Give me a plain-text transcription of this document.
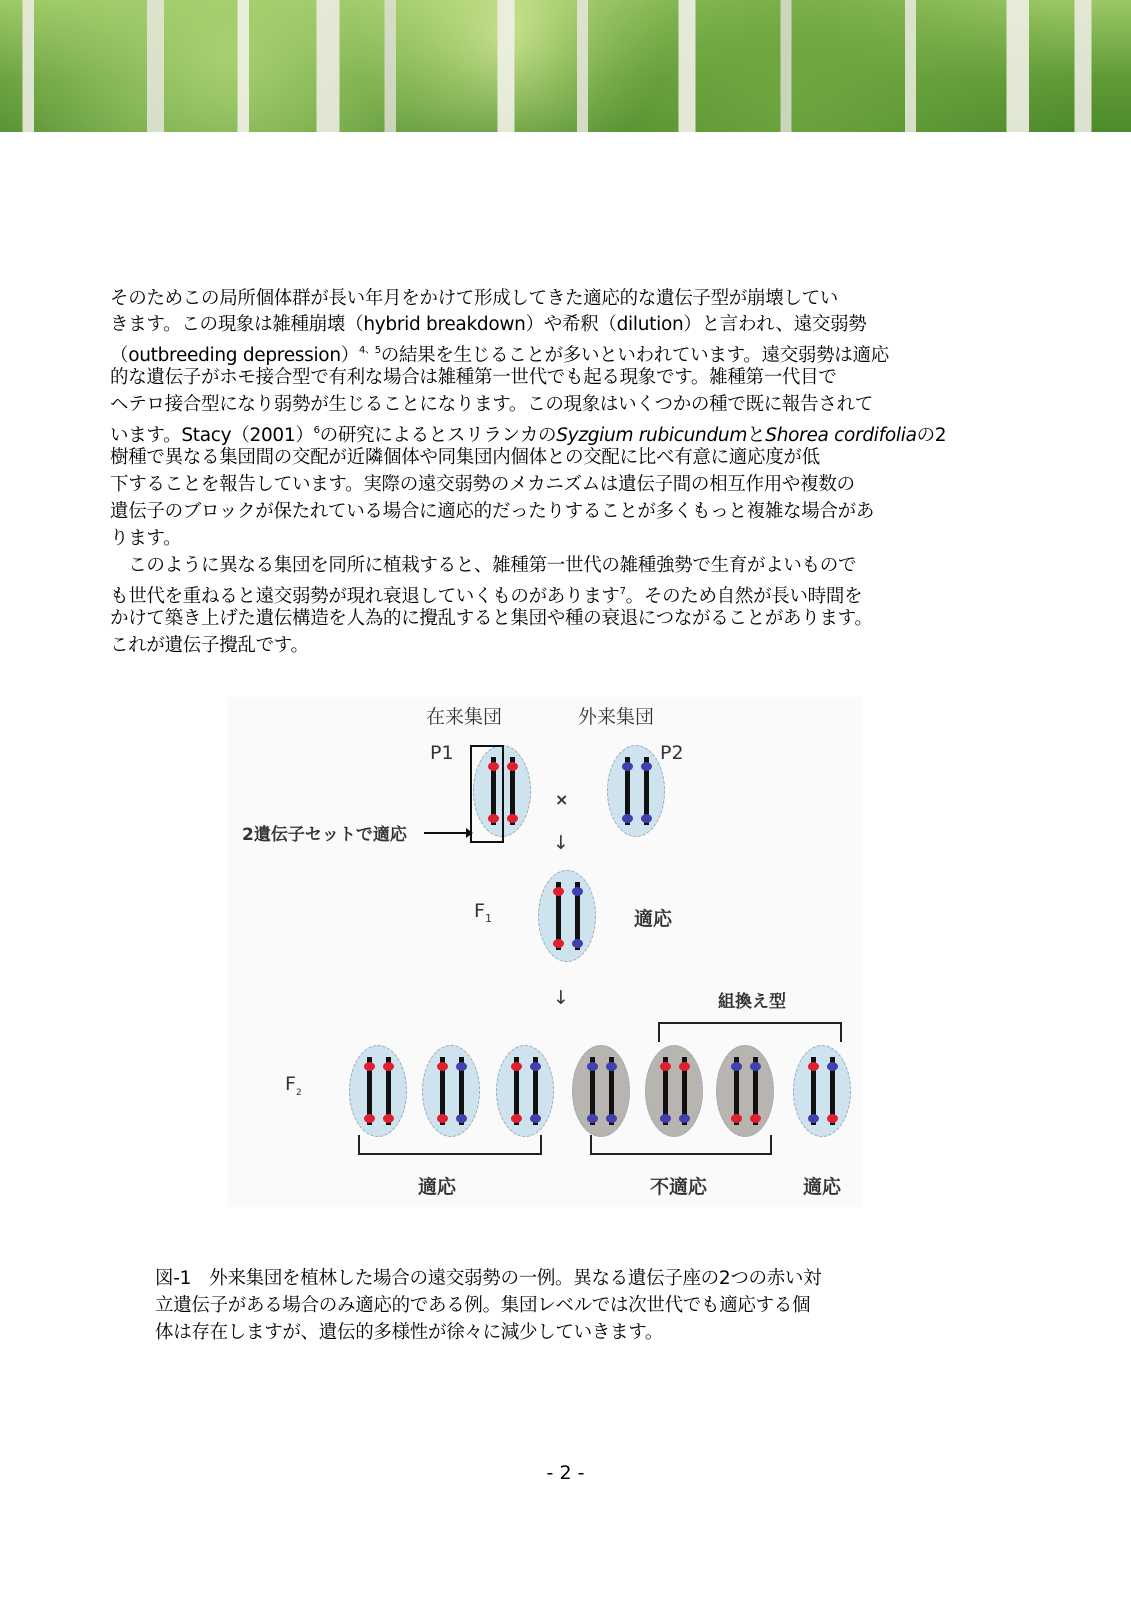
そのためこの局所個体群が長い年月をかけて形成してきた適応的な遺伝子型が崩壊してい
きます。この現象は雑種崩壊（hybrid breakdown）や希釈（dilution）と言われ、遠交弱勢
（outbreeding depression）$^{4、5}$の結果を生じることが多いといわれています。遠交弱勢は適応
的な遺伝子がホモ接合型で有利な場合は雑種第一世代でも起る現象です。雑種第一代目で
ヘテロ接合型になり弱勢が生じることになります。この現象はいくつかの種で既に報告されて
います。$Stacy(2001)^6$の研究によるとスリランカのSyzgium rubicundumとShorea cordifoliaの2
樹種で異なる集団間の交配が近隣個体や同集団内個体との交配に比べ有意に適応度が低
下することを報告しています。実際の遠交弱勢のメカニズムは遺伝子間の相互作用や複数の
遺伝子のブロックが保たれている場合に適応的だったりすることが多くもっと複雑な場合があ
ります。
　このように異なる集団を同所に植栽すると、雑種第一世代の雑種強勢で生育がよいもので
も世代を重ねると遠交弱勢が現れ衰退していくものがあります$^7$。そのため自然が長い時間を
かけて築き上げた遺伝構造を人為的に攪乱すると集団や種の衰退につながることがあります。
これが遺伝子攪乱です。
在来集団	外来集団
P1	P2
×
↓
2遺伝子セットで適応
$F_1$	適応
↓	組換え型
$F_2$
適応	不適応	適応
図-1　外来集団を植林した場合の遠交弱勢の一例。異なる遺伝子座の2つの赤い対
立遺伝子がある場合のみ適応的である例。集団レベルでは次世代でも適応する個
体は存在しますが、遺伝的多様性が徐々に減少していきます。
- 2 -
